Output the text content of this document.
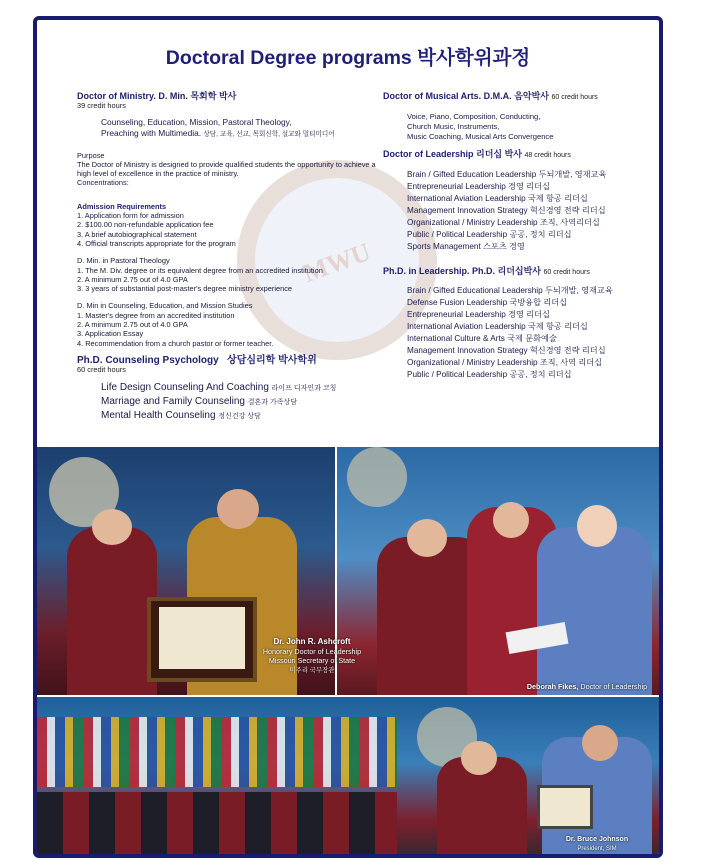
Doctoral Degree programs 박사학위과정
MWU
Doctor of Ministry. D. Min. 목회학 박사
39 credit hours
Counseling, Education, Mission, Pastoral Theology,
Preaching with Multimedia. 상담, 교육, 선교, 목회신학, 설교와 멀티미디어
Purpose
The Doctor of Ministry is designed to provide qualified students the opportunity to achieve a high level of excellence in the practice of ministry.
Concentrations:
Admission Requirements
1. Application form for admission
2. $100.00 non-refundable application fee
3. A brief autobiographical statement
4. Official transcripts appropriate for the program
D. Min. in Pastoral Theology
1. The M. Div. degree or its equivalent degree from an accredited institution
2. A minimum 2.75 out of 4.0 GPA
3. 3 years of substantial post-master's degree ministry experience
D. Min in Counseling, Education, and Mission Studies
1. Master's degree from an accredited institution
2. A minimum 2.75 out of 4.0 GPA
3. Application Essay
4. Recommendation from a church pastor or former teacher.
Ph.D. Counseling Psychology 상담심리학 박사학위
60 credit hours
Life Design Counseling And Coaching 라이프 디자인과 코칭
Marriage and Family Counseling 결혼과 가족상담
Mental Health Counseling 정신건강 상담
Doctor of Musical Arts. D.M.A. 음악박사 60 credit hours
Voice, Piano, Composition, Conducting,
Church Music, Instruments,
Music Coaching, Musical Arts Convergence
Doctor of Leadership 리더십 박사 48 credit hours
Brain / Gifted Education Leadership 두뇌개발, 영재교육
Entrepreneurial Leadership 경영 리더십
International Aviation Leadership 국제 항공 리더십
Management Innovation Strategy 혁신경영 전략 리더십
Organizational / Ministry Leadership 조직, 사역리더십
Public / Political Leadership 공공, 정치 리더십
Sports Management 스포츠 경영
Ph.D. in Leadership. Ph.D. 리더십박사 60 credit hours
Brain / Gifted Educational Leadership 두뇌개발, 영재교육
Defense Fusion Leadership 국방융합 리더십
Entrepreneurial Leadership 경영 리더십
International Aviation Leadership 국제 항공 리더십
International Culture & Arts 국제 문화예술
Management Innovation Strategy 혁신경영 전략 리더십
Organizational / Ministry Leadership 조직, 사역 리더십
Public / Political Leadership 공공, 정치 리더십
Dr. John R. Ashcroft
Honorary Doctor of Leadership
Missouri Secretary of State
미주리 국무장관
Deborah Fikes, Doctor of Leadership
Dr. Bruce Johnson
President, SIM
